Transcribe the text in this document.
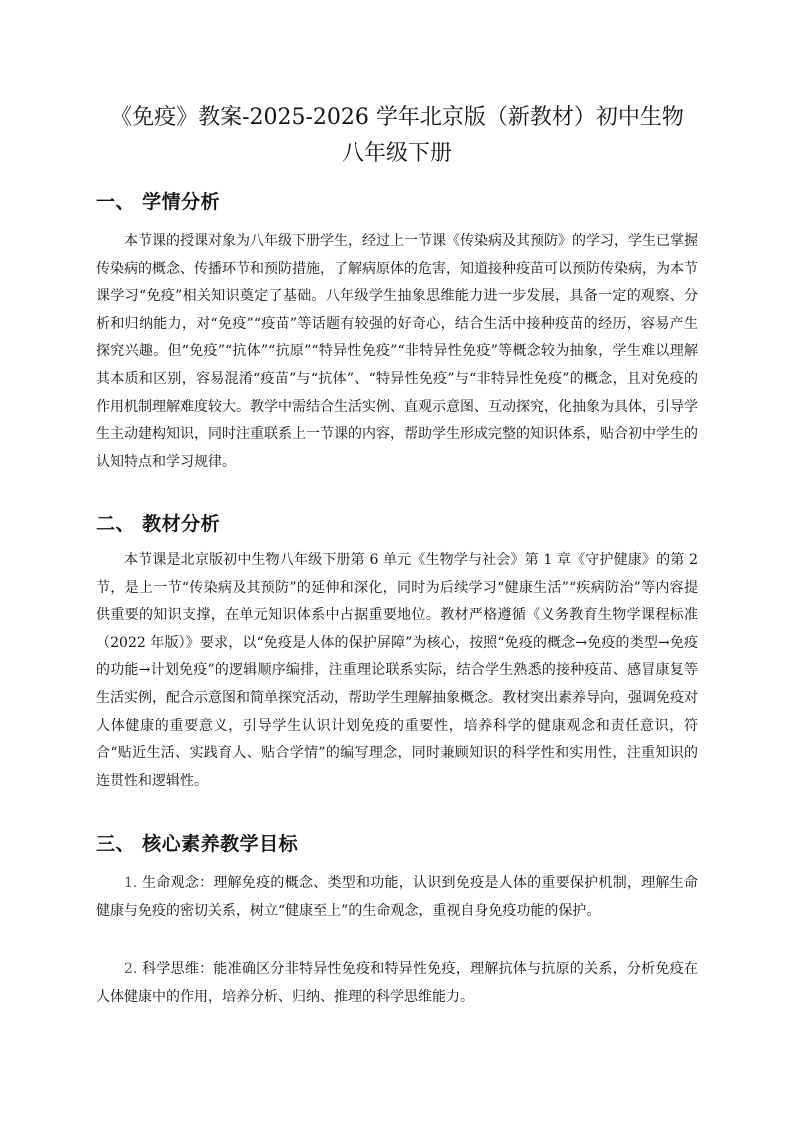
《免疫》教案-2025-2026 学年北京版（新教材）初中生物
八年级下册
一、 学情分析

本节课的授课对象为八年级下册学生，经过上一节课《传染病及其预防》的学习，学生已掌握传染病的概念、传播环节和预防措施，了解病原体的危害，知道接种疫苗可以预防传染病，为本节课学习“免疫”相关知识奠定了基础。八年级学生抽象思维能力进一步发展，具备一定的观察、分析和归纳能力，对“免疫”“疫苗”等话题有较强的好奇心，结合生活中接种疫苗的经历，容易产生探究兴趣。但“免疫”“抗体”“抗原”“特异性免疫”“非特异性免疫”等概念较为抽象，学生难以理解其本质和区别，容易混淆“疫苗”与“抗体”、“特异性免疫”与“非特异性免疫”的概念，且对免疫的作用机制理解难度较大。教学中需结合生活实例、直观示意图、互动探究，化抽象为具体，引导学生主动建构知识，同时注重联系上一节课的内容，帮助学生形成完整的知识体系，贴合初中学生的认知特点和学习规律。

二、 教材分析

本节课是北京版初中生物八年级下册第 6 单元《生物学与社会》第 1 章《守护健康》的第 2 节，是上一节“传染病及其预防”的延伸和深化，同时为后续学习“健康生活”“疾病防治”等内容提供重要的知识支撑，在单元知识体系中占据重要地位。教材严格遵循《义务教育生物学课程标准（2022 年版）》要求，以“免疫是人体的保护屏障”为核心，按照“免疫的概念→免疫的类型→免疫的功能→计划免疫”的逻辑顺序编排，注重理论联系实际，结合学生熟悉的接种疫苗、感冒康复等生活实例，配合示意图和简单探究活动，帮助学生理解抽象概念。教材突出素养导向，强调免疫对人体健康的重要意义，引导学生认识计划免疫的重要性，培养科学的健康观念和责任意识，符合“贴近生活、实践育人、贴合学情”的编写理念，同时兼顾知识的科学性和实用性，注重知识的连贯性和逻辑性。

三、 核心素养教学目标

1. 生命观念：理解免疫的概念、类型和功能，认识到免疫是人体的重要保护机制，理解生命健康与免疫的密切关系，树立“健康至上”的生命观念，重视自身免疫功能的保护。

2. 科学思维：能准确区分非特异性免疫和特异性免疫，理解抗体与抗原的关系，分析免疫在人体健康中的作用，培养分析、归纳、推理的科学思维能力。
